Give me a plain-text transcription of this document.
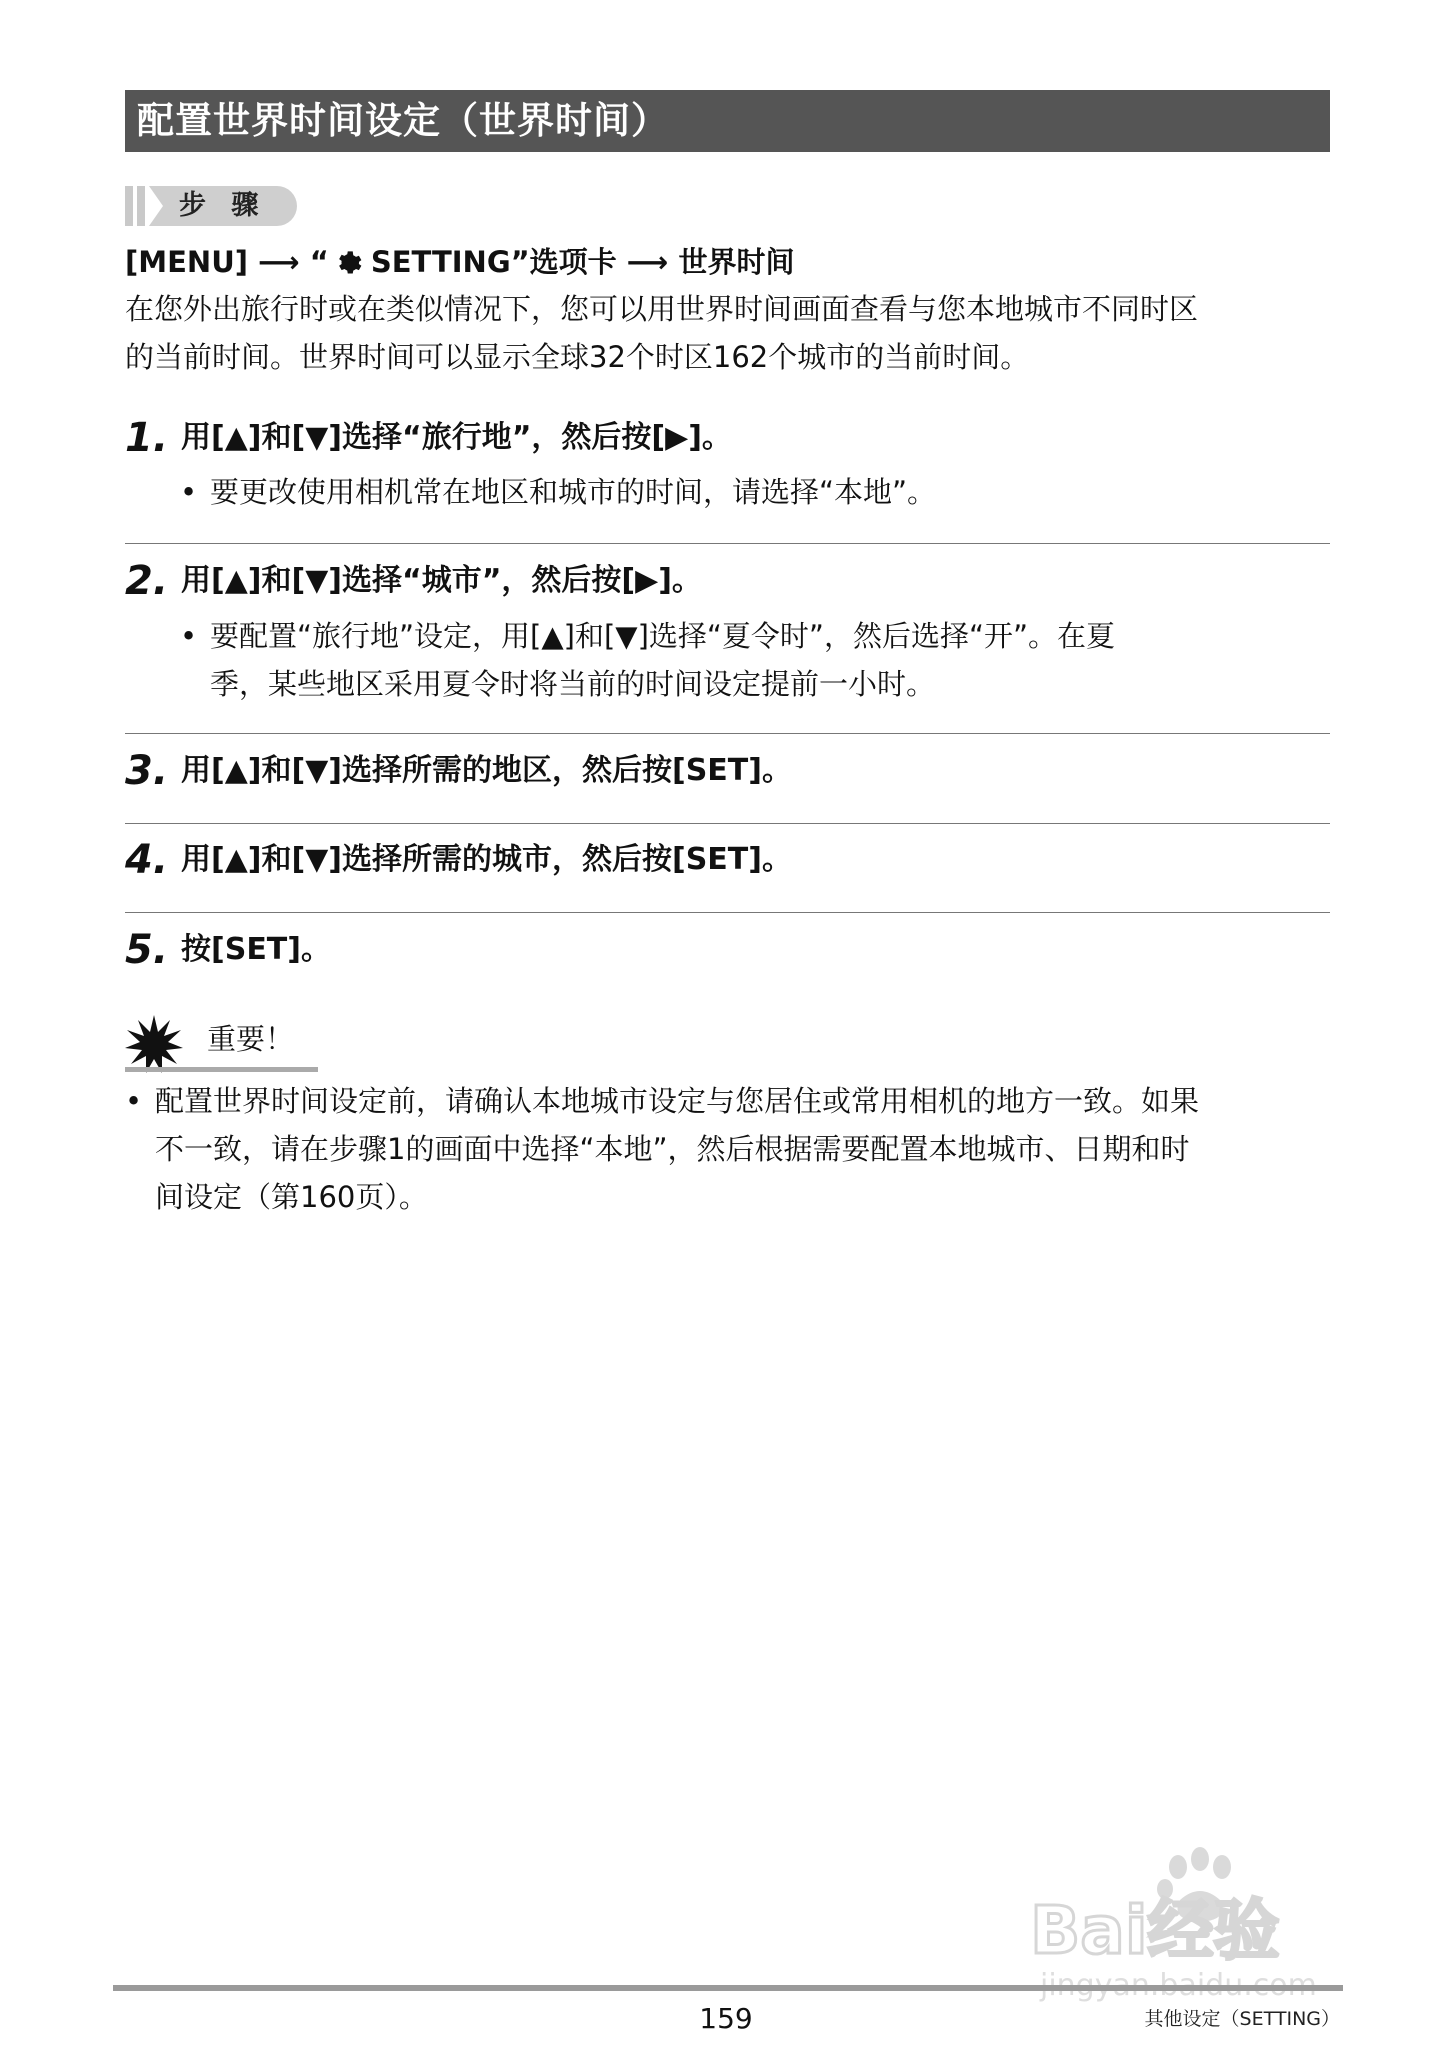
配置世界时间设定（世界时间）
步 骤
[MENU] ⟶ “ SETTING”选项卡 ⟶ 世界时间
在您外出旅行时或在类似情况下，您可以用世界时间画面查看与您本地城市不同时区
的当前时间。世界时间可以显示全球32个时区162个城市的当前时间。
1. 用[▲]和[▼]选择“旅行地”，然后按[▶]。
• 要更改使用相机常在地区和城市的时间，请选择“本地”。
2. 用[▲]和[▼]选择“城市”，然后按[▶]。
• 要配置“旅行地”设定，用[▲]和[▼]选择“夏令时”，然后选择“开”。在夏
季，某些地区采用夏令时将当前的时间设定提前一小时。
3. 用[▲]和[▼]选择所需的地区，然后按[SET]。
4. 用[▲]和[▼]选择所需的城市，然后按[SET]。
5. 按[SET]。
重要！
• 配置世界时间设定前，请确认本地城市设定与您居住或常用相机的地方一致。如果
不一致，请在步骤1的画面中选择“本地”，然后根据需要配置本地城市、日期和时
间设定（第160页）。
Bai经验
159	其他设定（SETTING）
